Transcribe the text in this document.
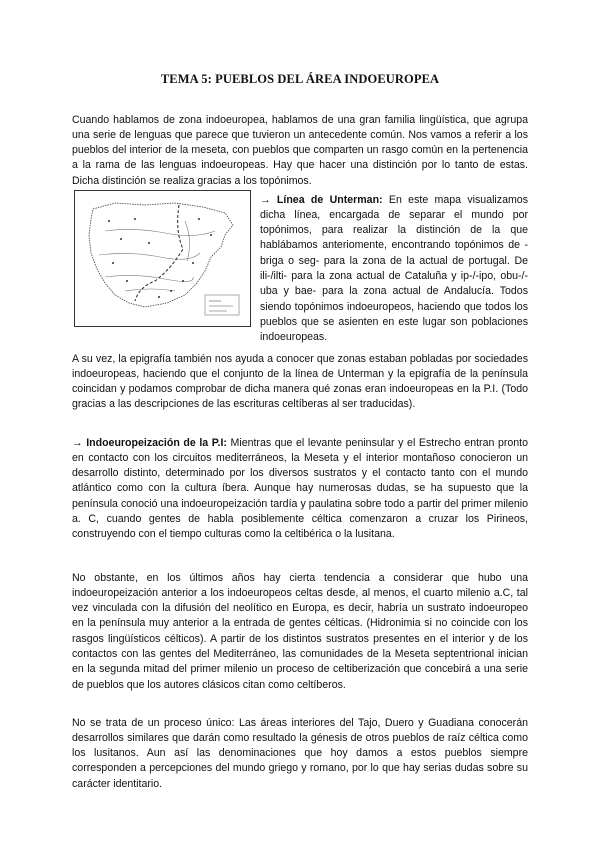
TEMA 5: PUEBLOS DEL ÁREA INDOEUROPEA

Cuando hablamos de zona indoeuropea, hablamos de una gran familia lingüística, que agrupa una serie de lenguas que parece que tuvieron un antecedente común. Nos vamos a referir a los pueblos del interior de la meseta, con pueblos que comparten un rasgo común en la pertenencia a la rama de las lenguas indoeuropeas. Hay que hacer una distinción por lo tanto de estas. Dicha distinción se realiza gracias a los topónimos.

→ Línea de Unterman: En este mapa visualizamos dicha línea, encargada de separar el mundo por topónimos, para realizar la distinción de la que hablábamos anteriomente, encontrando topónimos de -briga o seg- para la zona de la actual de portugal. De ili-/ilti- para la zona actual de Cataluña y ip-/-ipo, obu-/-uba y bae- para la zona actual de Andalucía. Todos siendo topónimos indoeuropeos, haciendo que todos los pueblos que se asienten en este lugar son poblaciones indoeuropeas.

A su vez, la epigrafía también nos ayuda a conocer que zonas estaban pobladas por sociedades indoeuropeas, haciendo que el conjunto de la línea de Unterman y la epigrafía de la península coincidan y podamos comprobar de dicha manera qué zonas eran indoeuropeas en la P.I. (Todo gracias a las descripciones de las escrituras celtíberas al ser traducidas).

→ Indoeuropeización de la P.I: Mientras que el levante peninsular y el Estrecho entran pronto en contacto con los circuitos mediterráneos, la Meseta y el interior montañoso conocieron un desarrollo distinto, determinado por los diversos sustratos y el contacto tanto con el mundo atlántico como con la cultura íbera. Aunque hay numerosas dudas, se ha supuesto que la península conoció una indoeuropeización tardía y paulatina sobre todo a partir del primer milenio a. C, cuando gentes de habla posiblemente céltica comenzaron a cruzar los Pirineos, construyendo con el tiempo culturas como la celtibérica o la lusitana.

No obstante, en los últimos años hay cierta tendencia a considerar que hubo una indoeuropeización anterior a los indoeuropeos celtas desde, al menos, el cuarto milenio a.C, tal vez vinculada con la difusión del neolítico en Europa, es decir, habría un sustrato indoeuropeo en la península muy anterior a la entrada de gentes célticas. (Hidronimia si no coincide con los rasgos lingüísticos célticos). A partir de los distintos sustratos presentes en el interior y de los contactos con las gentes del Mediterráneo, las comunidades de la Meseta septentrional inician en la segunda mitad del primer milenio un proceso de celtiberización que concebirá a una serie de pueblos que los autores clásicos citan como celtíberos.

No se trata de un proceso único: Las áreas interiores del Tajo, Duero y Guadiana conocerán desarrollos similares que darán como resultado la génesis de otros pueblos de raíz céltica como los lusitanos. Aun así las denominaciones que hoy damos a estos pueblos siempre corresponden a percepciones del mundo griego y romano, por lo que hay serias dudas sobre su carácter identitario.
